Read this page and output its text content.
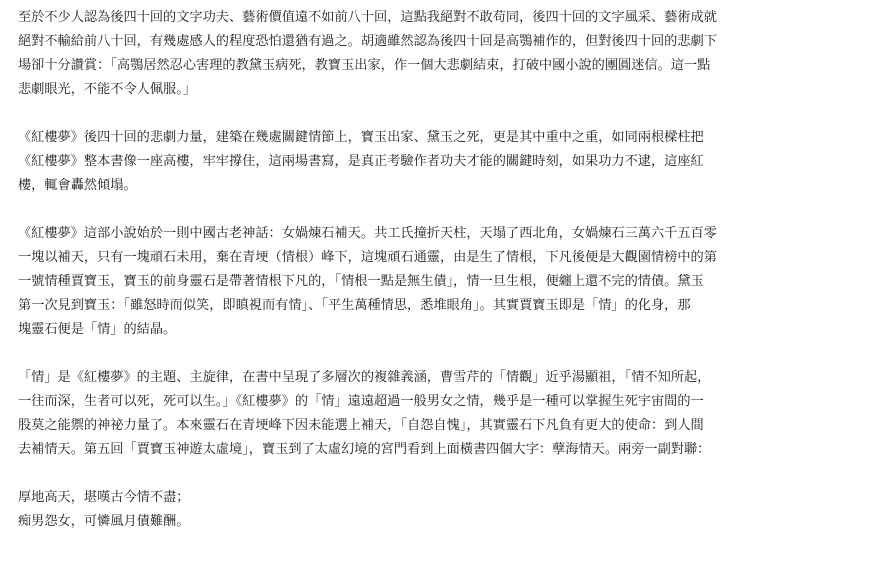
至於不少人認為後四十回的文字功夫、藝術價值遠不如前八十回，這點我絕對不敢苟同，後四十回的文字風采、藝術成就
絕對不輸給前八十回，有幾處感人的程度恐怕還猶有過之。胡適雖然認為後四十回是高鶚補作的，但對後四十回的悲劇下
場卻十分讚賞：「高鶚居然忍心害理的教黛玉病死，教寶玉出家，作一個大悲劇結束，打破中國小說的團圓迷信。這一點
悲劇眼光，不能不令人佩服。」
《紅樓夢》後四十回的悲劇力量，建築在幾處關鍵情節上，寶玉出家、黛玉之死，更是其中重中之重，如同兩根樑柱把
《紅樓夢》整本書像一座高樓，牢牢撐住，這兩場書寫，是真正考驗作者功夫才能的關鍵時刻，如果功力不逮，這座紅
樓，輒會轟然傾塌。
《紅樓夢》這部小說始於一則中國古老神話：女媧煉石補天。共工氏撞折天柱，天塌了西北角，女媧煉石三萬六千五百零
一塊以補天，只有一塊頑石未用，棄在青埂（情根）峰下，這塊頑石通靈，由是生了情根，下凡後便是大觀園情榜中的第
一號情種賈寶玉，寶玉的前身靈石是帶著情根下凡的，「情根一點是無生債」，情一旦生根，便纏上還不完的情債。黛玉
第一次見到寶玉：「雖怒時而似笑，即瞋視而有情」、「平生萬種情思，悉堆眼角」。其實賈寶玉即是「情」的化身，那
塊靈石便是「情」的結晶。
「情」是《紅樓夢》的主題、主旋律，在書中呈現了多層次的複雜義涵，曹雪芹的「情觀」近乎湯顯祖，「情不知所起，
一往而深，生者可以死，死可以生。」《紅樓夢》的「情」遠遠超過一般男女之情，幾乎是一種可以掌握生死宇宙間的一
股莫之能禦的神祕力量了。本來靈石在青埂峰下因未能選上補天，「自怨自愧」，其實靈石下凡負有更大的使命：到人間
去補情天。第五回「賈寶玉神遊太虛境」，寶玉到了太虛幻境的宮門看到上面橫書四個大字：孽海情天。兩旁一副對聯：
厚地高天，堪嘆古今情不盡；
痴男怨女，可憐風月債難酬。
